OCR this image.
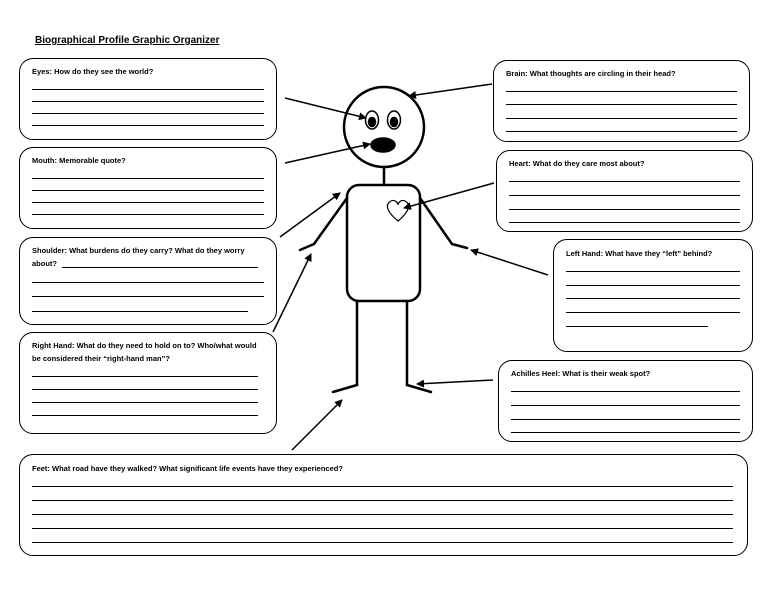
Biographical Profile Graphic Organizer
Eyes: How do they see the world?
Mouth: Memorable quote?
Shoulder: What burdens do they carry? What do they worry about?
Right Hand: What do they need to hold on to? Who/what would be considered their “right-hand man”?
Brain: What thoughts are circling in their head?
Heart: What do they care most about?
Left Hand: What have they “left” behind?
Achilles Heel: What is their weak spot?
Feet: What road have they walked? What significant life events have they experienced?
